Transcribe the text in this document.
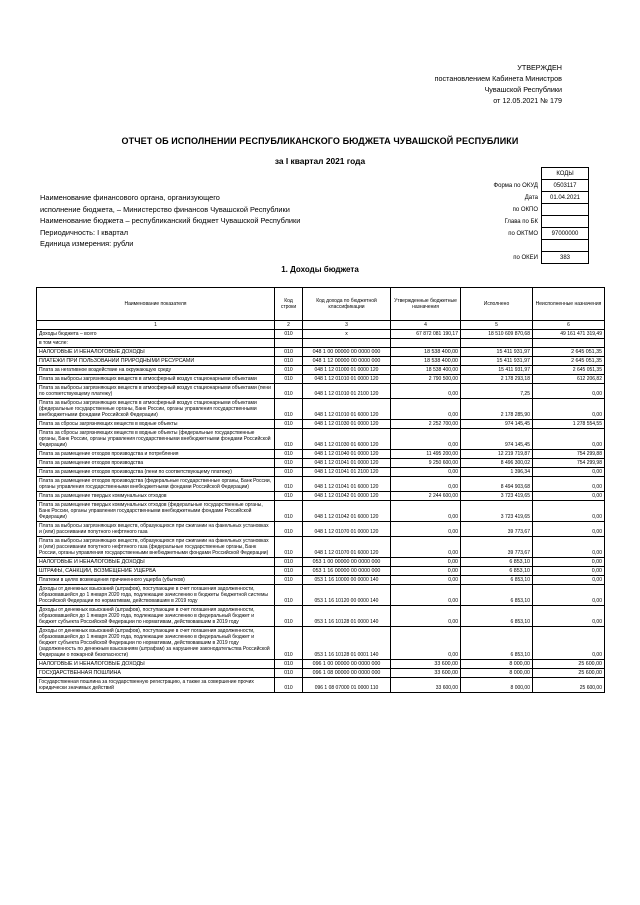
УТВЕРЖДЕН
постановлением Кабинета Министров
Чувашской Республики
от 12.05.2021 № 179
ОТЧЕТ ОБ ИСПОЛНЕНИИ РЕСПУБЛИКАНСКОГО БЮДЖЕТА ЧУВАШСКОЙ РЕСПУБЛИКИ
за I квартал 2021 года
Наименование финансового органа, организующего
исполнение бюджета, – Министерство финансов Чувашской Республики
Наименование бюджета – республиканский бюджет Чувашской Республики
Периодичность: I квартал
Единица измерения: рубли
	КОДЫ
Форма по ОКУД	0503117
Дата	01.04.2021
по ОКПО	
Глава по БК	
по ОКТМО	97000000

по ОКЕИ	383
1. Доходы бюджета
Наименование показателя	Код строки	Код дохода по бюджетной классификации	Утвержденные бюджетные назначения	Исполнено	Неисполненные назначения
1	2	3	4	5	6
Доходы бюджета – всего	010	x	67 872 081 190,17	18 510 609 870,68	49 161 471 319,49
в том числе:					
НАЛОГОВЫЕ И НЕНАЛОГОВЫЕ ДОХОДЫ	010	048 1 00 00000 00 0000 000	18 538 400,00	15 411 931,97	2 645 051,35
ПЛАТЕЖИ ПРИ ПОЛЬЗОВАНИИ ПРИРОДНЫМИ РЕСУРСАМИ	010	048 1 12 00000 00 0000 000	18 538 400,00	15 411 931,97	2 645 051,35
Плата за негативное воздействие на окружающую среду	010	048 1 12 01000 01 0000 120	18 538 400,00	15 411 931,97	2 645 051,35
Плата за выбросы загрязняющих веществ в атмосферный воздух стационарными объектами	010	048 1 12 01010 01 0000 120	2 790 500,00	2 178 293,18	612 206,82
Плата за выбросы загрязняющих веществ в атмосферный воздух стационарными объектами (пени по соответствующему платежу)	010	048 1 12 01010 01 2100 120	0,00	7,25	0,00
Плата за выбросы загрязняющих веществ в атмосферный воздух стационарными объектами (федеральные государственные органы, Банк России, органы управления государственными внебюджетными фондами Российской Федерации)	010	048 1 12 01010 01 6000 120	0,00	2 178 285,90	0,00
Плата за сбросы загрязняющих веществ в водные объекты	010	048 1 12 01030 01 0000 120	2 252 700,00	974 145,45	1 278 554,55
Плата за сбросы загрязняющих веществ в водные объекты (федеральные государственные органы, Банк России, органы управления государственными внебюджетными фондами Российской Федерации)	010	048 1 12 01030 01 6000 120	0,00	974 145,45	0,00
Плата за размещение отходов производства и потребления	010	048 1 12 01040 01 0000 120	11 495 200,00	12 219 719,87	754 299,88
Плата за размещение отходов производства	010	048 1 12 01041 01 0000 120	9 250 600,00	8 496 300,02	754 299,98
Плата за размещение отходов производства (пени по соответствующему платежу)	010	048 1 12 01041 01 2100 120	0,00	1 396,34	0,00
Плата за размещение отходов производства (федеральные государственные органы, Банк России, органы управления государственными внебюджетными фондами Российской Федерации)	010	048 1 12 01041 01 6000 120	0,00	8 494 903,68	0,00
Плата за размещение твердых коммунальных отходов	010	048 1 12 01042 01 0000 120	2 244 600,00	3 723 419,65	0,00
Плата за размещение твердых коммунальных отходов (федеральные государственные органы, Банк России, органы управления государственными внебюджетными фондами Российской Федерации)	010	048 1 12 01042 01 6000 120	0,00	3 723 419,65	0,00
Плата за выбросы загрязняющих веществ, образующихся при сжигании на факельных установках и (или) рассеивании попутного нефтяного газа	010	048 1 12 01070 01 0000 120	0,00	39 773,67	0,00
Плата за выбросы загрязняющих веществ, образующихся при сжигании на факельных установках и (или) рассеивании попутного нефтяного газа (федеральные государственные органы, Банк России, органы управления государственными внебюджетными фондами Российской Федерации)	010	048 1 12 01070 01 6000 120	0,00	39 773,67	0,00
НАЛОГОВЫЕ И НЕНАЛОГОВЫЕ ДОХОДЫ	010	053 1 00 00000 00 0000 000	0,00	6 853,10	0,00
ШТРАФЫ, САНКЦИИ, ВОЗМЕЩЕНИЕ УЩЕРБА	010	053 1 16 00000 00 0000 000	0,00	6 853,10	0,00
Платежи в целях возмещения причиненного ущерба (убытков)	010	053 1 16 10000 00 0000 140	0,00	6 853,10	0,00
Доходы от денежных взысканий (штрафов), поступающие в счет погашения задолженности, образовавшейся до 1 января 2020 года, подлежащие зачислению в бюджеты бюджетной системы Российской Федерации по нормативам, действовавшим в 2019 году	010	053 1 16 10120 00 0000 140	0,00	6 853,10	0,00
Доходы от денежных взысканий (штрафов), поступающие в счет погашения задолженности, образовавшейся до 1 января 2020 года, подлежащие зачислению в федеральный бюджет и бюджет субъекта Российской Федерации по нормативам, действовавшим в 2019 году	010	053 1 16 10128 01 0000 140	0,00	6 853,10	0,00
Доходы от денежных взысканий (штрафов), поступающие в счет погашения задолженности, образовавшейся до 1 января 2020 года, подлежащие зачислению в федеральный бюджет и бюджет субъекта Российской Федерации по нормативам, действовавшим в 2019 году (задолженность по денежным взысканиям (штрафам) за нарушение законодательства Российской Федерации о пожарной безопасности)	010	053 1 16 10128 01 0001 140	0,00	6 853,10	0,00
НАЛОГОВЫЕ И НЕНАЛОГОВЫЕ ДОХОДЫ	010	096 1 00 00000 00 0000 000	33 600,00	8 000,00	25 600,00
ГОСУДАРСТВЕННАЯ ПОШЛИНА	010	096 1 08 00000 00 0000 000	33 600,00	8 000,00	25 600,00
Государственная пошлина за государственную регистрацию, а также за совершение прочих юридически значимых действий	010	096 1 08 07000 01 0000 110	33 600,00	8 000,00	25 600,00
